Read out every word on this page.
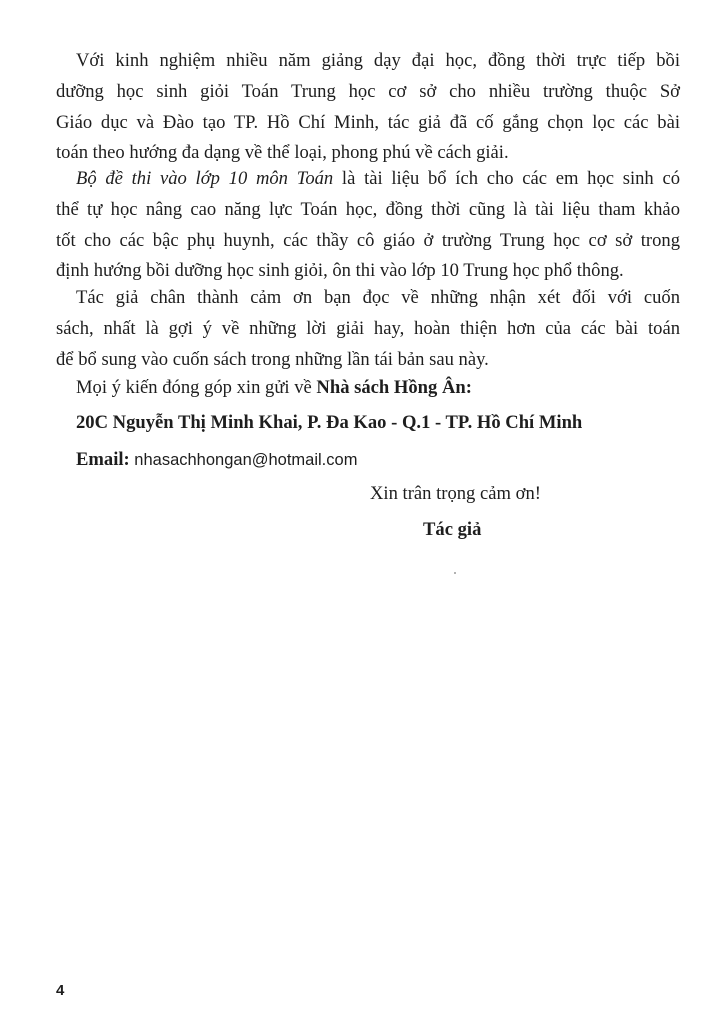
Với kinh nghiệm nhiều năm giảng dạy đại học, đồng thời trực tiếp bồi
dưỡng học sinh giỏi Toán Trung học cơ sở cho nhiều trường thuộc Sở
Giáo dục và Đào tạo TP. Hồ Chí Minh, tác giả đã cố gắng chọn lọc các bài
toán theo hướng đa dạng về thể loại, phong phú về cách giải.

Bộ đề thi vào lớp 10 môn Toán là tài liệu bổ ích cho các em học sinh có
thể tự học nâng cao năng lực Toán học, đồng thời cũng là tài liệu tham khảo
tốt cho các bậc phụ huynh, các thầy cô giáo ở trường Trung học cơ sở trong
định hướng bồi dưỡng học sinh giỏi, ôn thi vào lớp 10 Trung học phổ thông.

Tác giả chân thành cảm ơn bạn đọc về những nhận xét đối với cuốn
sách, nhất là gợi ý về những lời giải hay, hoàn thiện hơn của các bài toán
để bổ sung vào cuốn sách trong những lần tái bản sau này.

Mọi ý kiến đóng góp xin gửi về Nhà sách Hồng Ân:

20C Nguyễn Thị Minh Khai, P. Đa Kao - Q.1 - TP. Hồ Chí Minh

Email: nhasachhongan@hotmail.com

Xin trân trọng cảm ơn!

Tác giả

4
